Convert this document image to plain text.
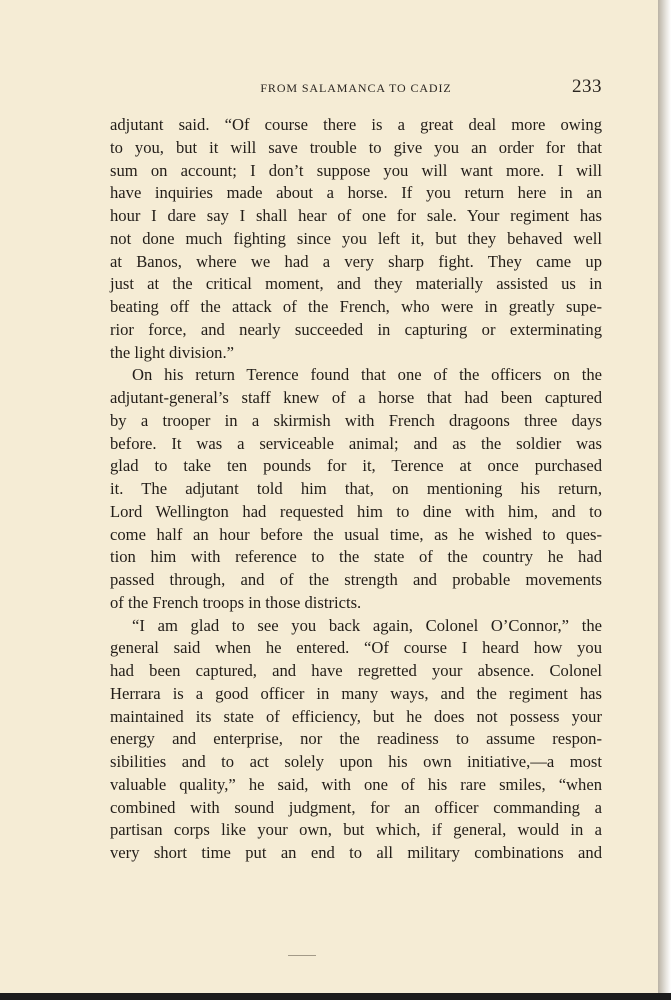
FROM SALAMANCA TO CADIZ	233
adjutant said. “Of course there is a great deal more owing
to you, but it will save trouble to give you an order for that
sum on account; I don’t suppose you will want more. I will
have inquiries made about a horse. If you return here in an
hour I dare say I shall hear of one for sale. Your regiment has
not done much fighting since you left it, but they behaved well
at Banos, where we had a very sharp fight. They came up
just at the critical moment, and they materially assisted us in
beating off the attack of the French, who were in greatly supe-
rior force, and nearly succeeded in capturing or exterminating
the light division.”
On his return Terence found that one of the officers on the
adjutant-general’s staff knew of a horse that had been captured
by a trooper in a skirmish with French dragoons three days
before. It was a serviceable animal; and as the soldier was
glad to take ten pounds for it, Terence at once purchased
it. The adjutant told him that, on mentioning his return,
Lord Wellington had requested him to dine with him, and to
come half an hour before the usual time, as he wished to ques-
tion him with reference to the state of the country he had
passed through, and of the strength and probable movements
of the French troops in those districts.
“I am glad to see you back again, Colonel O’Connor,” the
general said when he entered. “Of course I heard how you
had been captured, and have regretted your absence. Colonel
Herrara is a good officer in many ways, and the regiment has
maintained its state of efficiency, but he does not possess your
energy and enterprise, nor the readiness to assume respon-
sibilities and to act solely upon his own initiative,—a most
valuable quality,” he said, with one of his rare smiles, “when
combined with sound judgment, for an officer commanding a
partisan corps like your own, but which, if general, would in a
very short time put an end to all military combinations and
